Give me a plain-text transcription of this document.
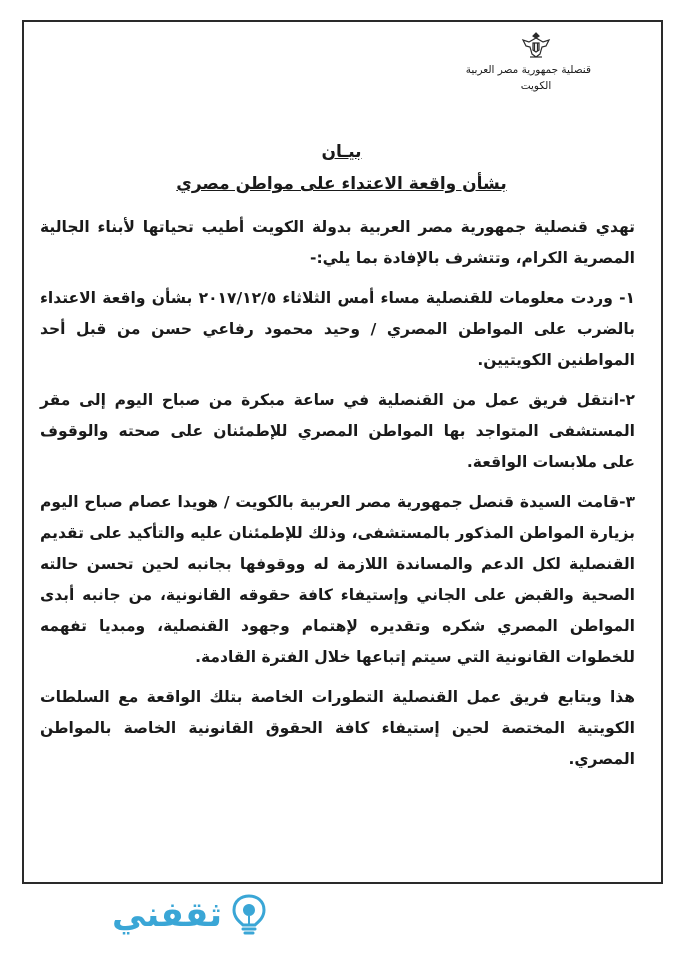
قنصلية جمهورية مصر العربية

الكويت

بيـان
بشأن واقعة الاعتداء على مواطن مصري

تهدي قنصلية جمهورية مصر العربية بدولة الكويت أطيب تحياتها لأبناء الجالية المصرية الكرام، وتتشرف بالإفادة بما يلي:-

١- وردت معلومات للقنصلية مساء أمس الثلاثاء ٢٠١٧/١٢/٥ بشأن واقعة الاعتداء بالضرب على المواطن المصري / وحيد محمود رفاعي حسن من قبل أحد المواطنين الكويتيين.

٢-انتقل فريق عمل من القنصلية في ساعة مبكرة من صباح اليوم إلى مقر المستشفى المتواجد بها المواطن المصري للإطمئنان على صحته والوقوف على ملابسات الواقعة.

٣-قامت السيدة قنصل جمهورية مصر العربية بالكويت / هويدا عصام صباح اليوم بزيارة المواطن المذكور بالمستشفى، وذلك للإطمئنان عليه والتأكيد على تقديم القنصلية لكل الدعم والمساندة اللازمة له ووقوفها بجانبه لحين تحسن حالته الصحية والقبض على الجاني وإستيفاء كافة حقوقه القانونية، من جانبه أبدى المواطن المصري شكره وتقديره لإهتمام وجهود القنصلية، ومبديا تفهمه للخطوات القانونية التي سيتم إتباعها خلال الفترة القادمة.

هذا ويتابع فريق عمل القنصلية التطورات الخاصة بتلك الواقعة مع السلطات الكويتية المختصة لحين إستيفاء كافة الحقوق القانونية الخاصة بالمواطن المصري.

ثقفني
